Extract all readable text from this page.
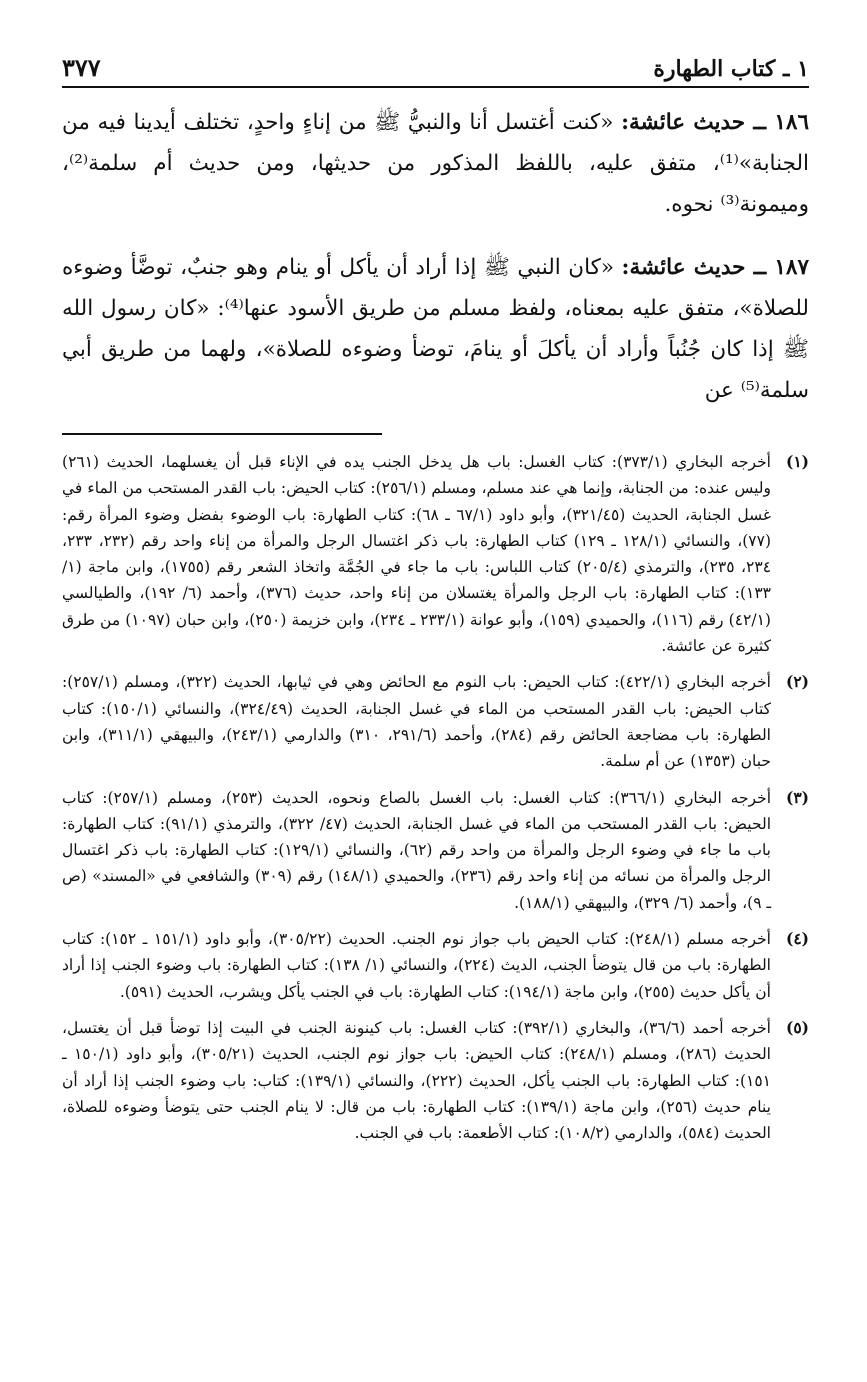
١ ـ كتاب الطهارة
٣٧٧

١٨٦ ــ حديث عائشة: «كنت أغتسل أنا والنبيُّ ﷺ من إناءٍ واحدٍ، تختلف أيدينا فيه من الجنابة»⁽¹⁾، متفق عليه، باللفظ المذكور من حديثها، ومن حديث أم سلمة⁽²⁾، وميمونة⁽³⁾ نحوه.

١٨٧ ــ حديث عائشة: «كان النبي ﷺ إذا أراد أن يأكل أو ينام وهو جنبٌ، توضَّأ وضوءه للصلاة»، متفق عليه بمعناه، ولفظ مسلم من طريق الأسود عنها⁽⁴⁾: «كان رسول الله ﷺ إذا كان جُنُباً وأراد أن يأكلَ أو ينامَ، توضأ وضوءه للصلاة»، ولهما من طريق أبي سلمة⁽⁵⁾ عن

(١)
أخرجه البخاري (٣٧٣/١): كتاب الغسل: باب هل يدخل الجنب يده في الإناء قبل أن يغسلهما، الحديث (٢٦١) وليس عنده: من الجنابة، وإنما هي عند مسلم، ومسلم (٢٥٦/١): كتاب الحيض: باب القدر المستحب من الماء في غسل الجنابة، الحديث (٣٢١/٤٥)، وأبو داود (٦٧/١ ـ ٦٨): كتاب الطهارة: باب الوضوء بفضل وضوء المرأة رقم: (٧٧)، والنسائي (١٢٨/١ ـ ١٢٩) كتاب الطهارة: باب ذكر اغتسال الرجل والمرأة من إناء واحد رقم (٢٣٢، ٢٣٣، ٢٣٤، ٢٣٥)، والترمذي (٢٠٥/٤) كتاب اللباس: باب ما جاء في الجُمَّة واتخاذ الشعر رقم (١٧٥٥)، وابن ماجة (١/ ١٣٣): كتاب الطهارة: باب الرجل والمرأة يغتسلان من إناء واحد، حديث (٣٧٦)، وأحمد (٦/ ١٩٢)، والطيالسي (٤٢/١) رقم (١١٦)، والحميدي (١٥٩)، وأبو عوانة (٢٣٣/١ ـ ٢٣٤)، وابن خزيمة (٢٥٠)، وابن حبان (١٠٩٧) من طرق كثيرة عن عائشة.
(٢)
أخرجه البخاري (٤٢٢/١): كتاب الحيض: باب النوم مع الحائض وهي في ثيابها، الحديث (٣٢٢)، ومسلم (٢٥٧/١): كتاب الحيض: باب القدر المستحب من الماء في غسل الجنابة، الحديث (٣٢٤/٤٩)، والنسائي (١٥٠/١): كتاب الطهارة: باب مضاجعة الحائض رقم (٢٨٤)، وأحمد (٢٩١/٦، ٣١٠) والدارمي (٢٤٣/١)، والبيهقي (٣١١/١)، وابن حبان (١٣٥٣) عن أم سلمة.
(٣)
أخرجه البخاري (٣٦٦/١): كتاب الغسل: باب الغسل بالصاع ونحوه، الحديث (٢٥٣)، ومسلم (٢٥٧/١): كتاب الحيض: باب القدر المستحب من الماء في غسل الجنابة، الحديث (٤٧/ ٣٢٢)، والترمذي (٩١/١): كتاب الطهارة: باب ما جاء في وضوء الرجل والمرأة من واحد رقم (٦٢)، والنسائي (١٢٩/١): كتاب الطهارة: باب ذكر اغتسال الرجل والمرأة من نسائه من إناء واحد رقم (٢٣٦)، والحميدي (١٤٨/١) رقم (٣٠٩) والشافعي في «المسند» (ص ـ ٩)، وأحمد (٦/ ٣٢٩)، والبيهقي (١٨٨/١).
(٤)
أخرجه مسلم (٢٤٨/١): كتاب الحيض باب جواز نوم الجنب. الحديث (٣٠٥/٢٢)، وأبو داود (١٥١/١ ـ ١٥٢): كتاب الطهارة: باب من قال يتوضأ الجنب، الديث (٢٢٤)، والنسائي (١/ ١٣٨): كتاب الطهارة: باب وضوء الجنب إذا أراد أن يأكل حديث (٢٥٥)، وابن ماجة (١٩٤/١): كتاب الطهارة: باب في الجنب يأكل ويشرب، الحديث (٥٩١).
(٥)
أخرجه أحمد (٣٦/٦)، والبخاري (٣٩٢/١): كتاب الغسل: باب كينونة الجنب في البيت إذا توضأ قبل أن يغتسل، الحديث (٢٨٦)، ومسلم (٢٤٨/١): كتاب الحيض: باب جواز نوم الجنب، الحديث (٣٠٥/٢١)، وأبو داود (١٥٠/١ ـ ١٥١): كتاب الطهارة: باب الجنب يأكل، الحديث (٢٢٢)، والنسائي (١٣٩/١): كتاب: باب وضوء الجنب إذا أراد أن ينام حديث (٢٥٦)، وابن ماجة (١٣٩/١): كتاب الطهارة: باب من قال: لا ينام الجنب حتى يتوضأ وضوءه للصلاة، الحديث (٥٨٤)، والدارمي (١٠٨/٢): كتاب الأطعمة: باب في الجنب.
